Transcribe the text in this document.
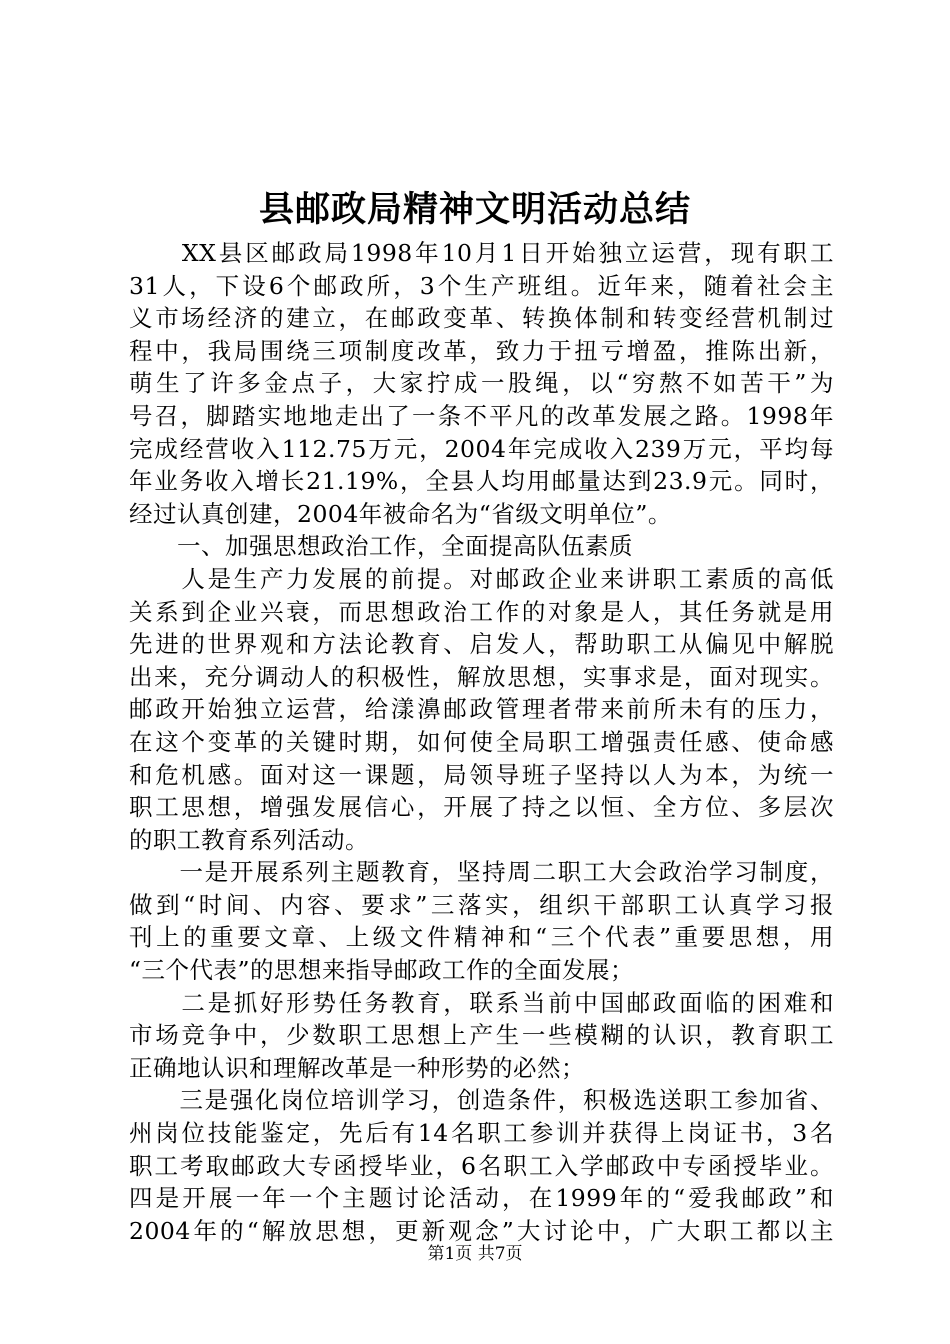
县邮政局精神文明活动总结
　　XX县区邮政局1998年10月1日开始独立运营，现有职工
31人，下设6个邮政所，3个生产班组。近年来，随着社会主
义市场经济的建立，在邮政变革、转换体制和转变经营机制过
程中，我局围绕三项制度改革，致力于扭亏增盈，推陈出新，
萌生了许多金点子，大家拧成一股绳，以“穷熬不如苦干”为
号召，脚踏实地地走出了一条不平凡的改革发展之路。1998年
完成经营收入112.75万元，2004年完成收入239万元，平均每
年业务收入增长21.19%，全县人均用邮量达到23.9元。同时，
经过认真创建，2004年被命名为“省级文明单位”。
　　一、加强思想政治工作，全面提高队伍素质
　　人是生产力发展的前提。对邮政企业来讲职工素质的高低
关系到企业兴衰，而思想政治工作的对象是人，其任务就是用
先进的世界观和方法论教育、启发人，帮助职工从偏见中解脱
出来，充分调动人的积极性，解放思想，实事求是，面对现实。
邮政开始独立运营，给漾濞邮政管理者带来前所未有的压力，
在这个变革的关键时期，如何使全局职工增强责任感、使命感
和危机感。面对这一课题，局领导班子坚持以人为本，为统一
职工思想，增强发展信心，开展了持之以恒、全方位、多层次
的职工教育系列活动。
　　一是开展系列主题教育，坚持周二职工大会政治学习制度，
做到“时间、内容、要求”三落实，组织干部职工认真学习报
刊上的重要文章、上级文件精神和“三个代表”重要思想，用
“三个代表”的思想来指导邮政工作的全面发展；
　　二是抓好形势任务教育，联系当前中国邮政面临的困难和
市场竞争中，少数职工思想上产生一些模糊的认识，教育职工
正确地认识和理解改革是一种形势的必然；
　　三是强化岗位培训学习，创造条件，积极选送职工参加省、
州岗位技能鉴定，先后有14名职工参训并获得上岗证书，3名
职工考取邮政大专函授毕业，6名职工入学邮政中专函授毕业。
四是开展一年一个主题讨论活动，在1999年的“爱我邮政”和
2004年的“解放思想，更新观念”大讨论中，广大职工都以主
第1页 共7页
